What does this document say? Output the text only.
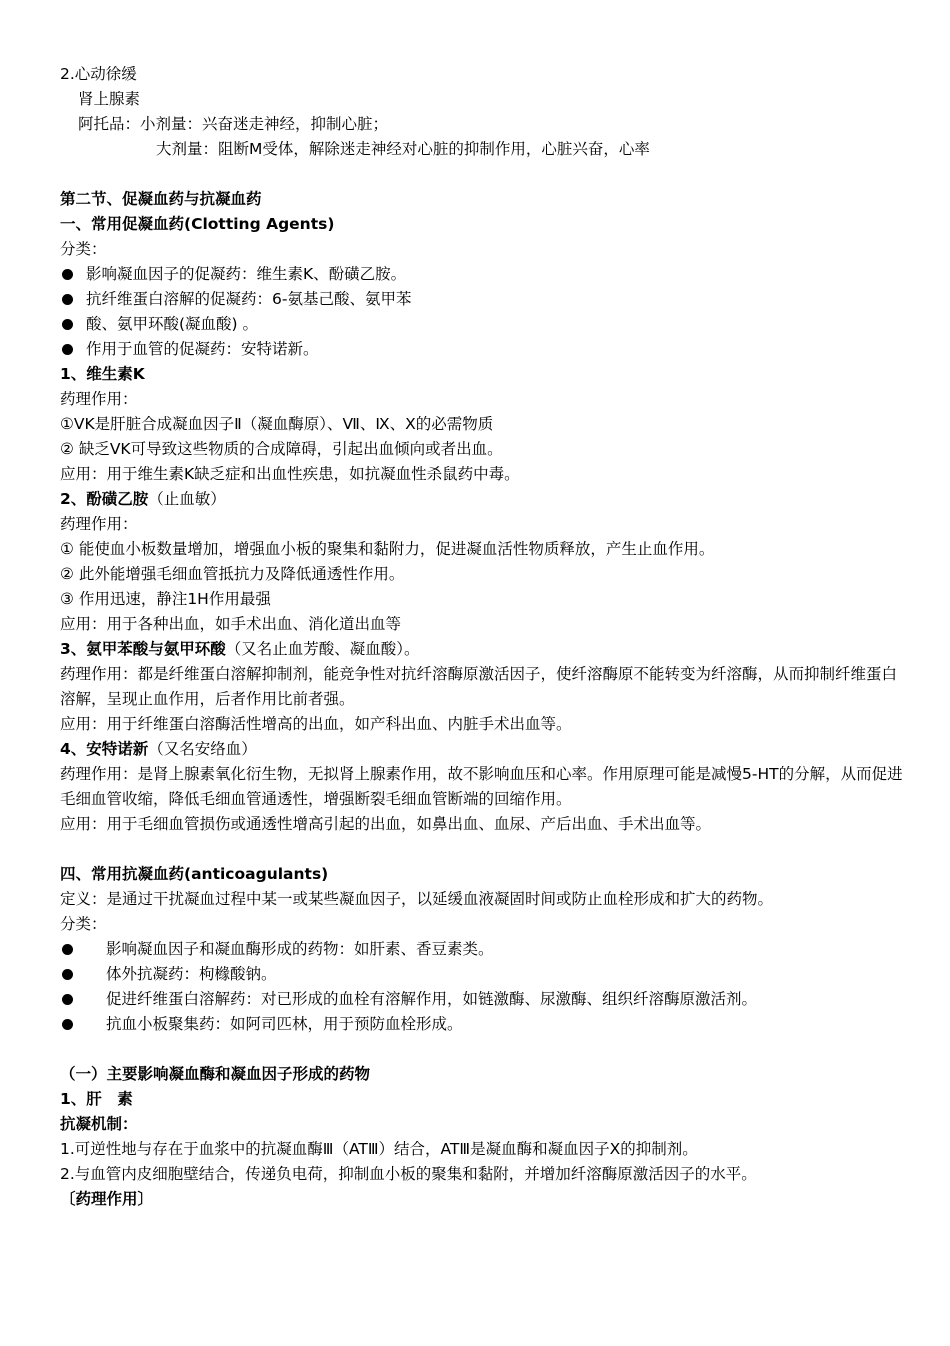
2.心动徐缓
肾上腺素
阿托品：小剂量：兴奋迷走神经，抑制心脏；
大剂量：阻断M受体，解除迷走神经对心脏的抑制作用，心脏兴奋，心率
第二节、促凝血药与抗凝血药
一、常用促凝血药(Clotting Agents)
分类：
影响凝血因子的促凝药：维生素K、酚磺乙胺。
抗纤维蛋白溶解的促凝药：6-氨基己酸、氨甲苯
酸、氨甲环酸(凝血酸) 。
作用于血管的促凝药：安特诺新。
1、维生素K
药理作用：
①VK是肝脏合成凝血因子Ⅱ（凝血酶原）、Ⅶ、Ⅸ、Ⅹ的必需物质
② 缺乏VK可导致这些物质的合成障碍，引起出血倾向或者出血。
应用：用于维生素K缺乏症和出血性疾患，如抗凝血性杀鼠药中毒。
2、酚磺乙胺（止血敏）
药理作用：
① 能使血小板数量增加，增强血小板的聚集和黏附力，促进凝血活性物质释放，产生止血作用。
② 此外能增强毛细血管抵抗力及降低通透性作用。
③ 作用迅速，静注1H作用最强
应用：用于各种出血，如手术出血、消化道出血等
3、氨甲苯酸与氨甲环酸（又名止血芳酸、凝血酸）。
药理作用：都是纤维蛋白溶解抑制剂，能竞争性对抗纤溶酶原激活因子，使纤溶酶原不能转变为纤溶酶，从而抑制纤维蛋白溶解，呈现止血作用，后者作用比前者强。
应用：用于纤维蛋白溶酶活性增高的出血，如产科出血、内脏手术出血等。
4、安特诺新（又名安络血）
药理作用：是肾上腺素氧化衍生物，无拟肾上腺素作用，故不影响血压和心率。作用原理可能是减慢5-HT的分解，从而促进毛细血管收缩，降低毛细血管通透性，增强断裂毛细血管断端的回缩作用。
应用：用于毛细血管损伤或通透性增高引起的出血，如鼻出血、血尿、产后出血、手术出血等。
四、常用抗凝血药(anticoagulants)
定义：是通过干扰凝血过程中某一或某些凝血因子，以延缓血液凝固时间或防止血栓形成和扩大的药物。
分类：
影响凝血因子和凝血酶形成的药物：如肝素、香豆素类。
体外抗凝药：枸橼酸钠。
促进纤维蛋白溶解药：对已形成的血栓有溶解作用，如链激酶、尿激酶、组织纤溶酶原激活剂。
抗血小板聚集药：如阿司匹林，用于预防血栓形成。
（一）主要影响凝血酶和凝血因子形成的药物
1、肝　素
抗凝机制：
1.可逆性地与存在于血浆中的抗凝血酶Ⅲ（ATⅢ）结合，ATⅢ是凝血酶和凝血因子Ⅹ的抑制剂。
2.与血管内皮细胞壁结合，传递负电荷，抑制血小板的聚集和黏附，并增加纤溶酶原激活因子的水平。
〔药理作用〕
